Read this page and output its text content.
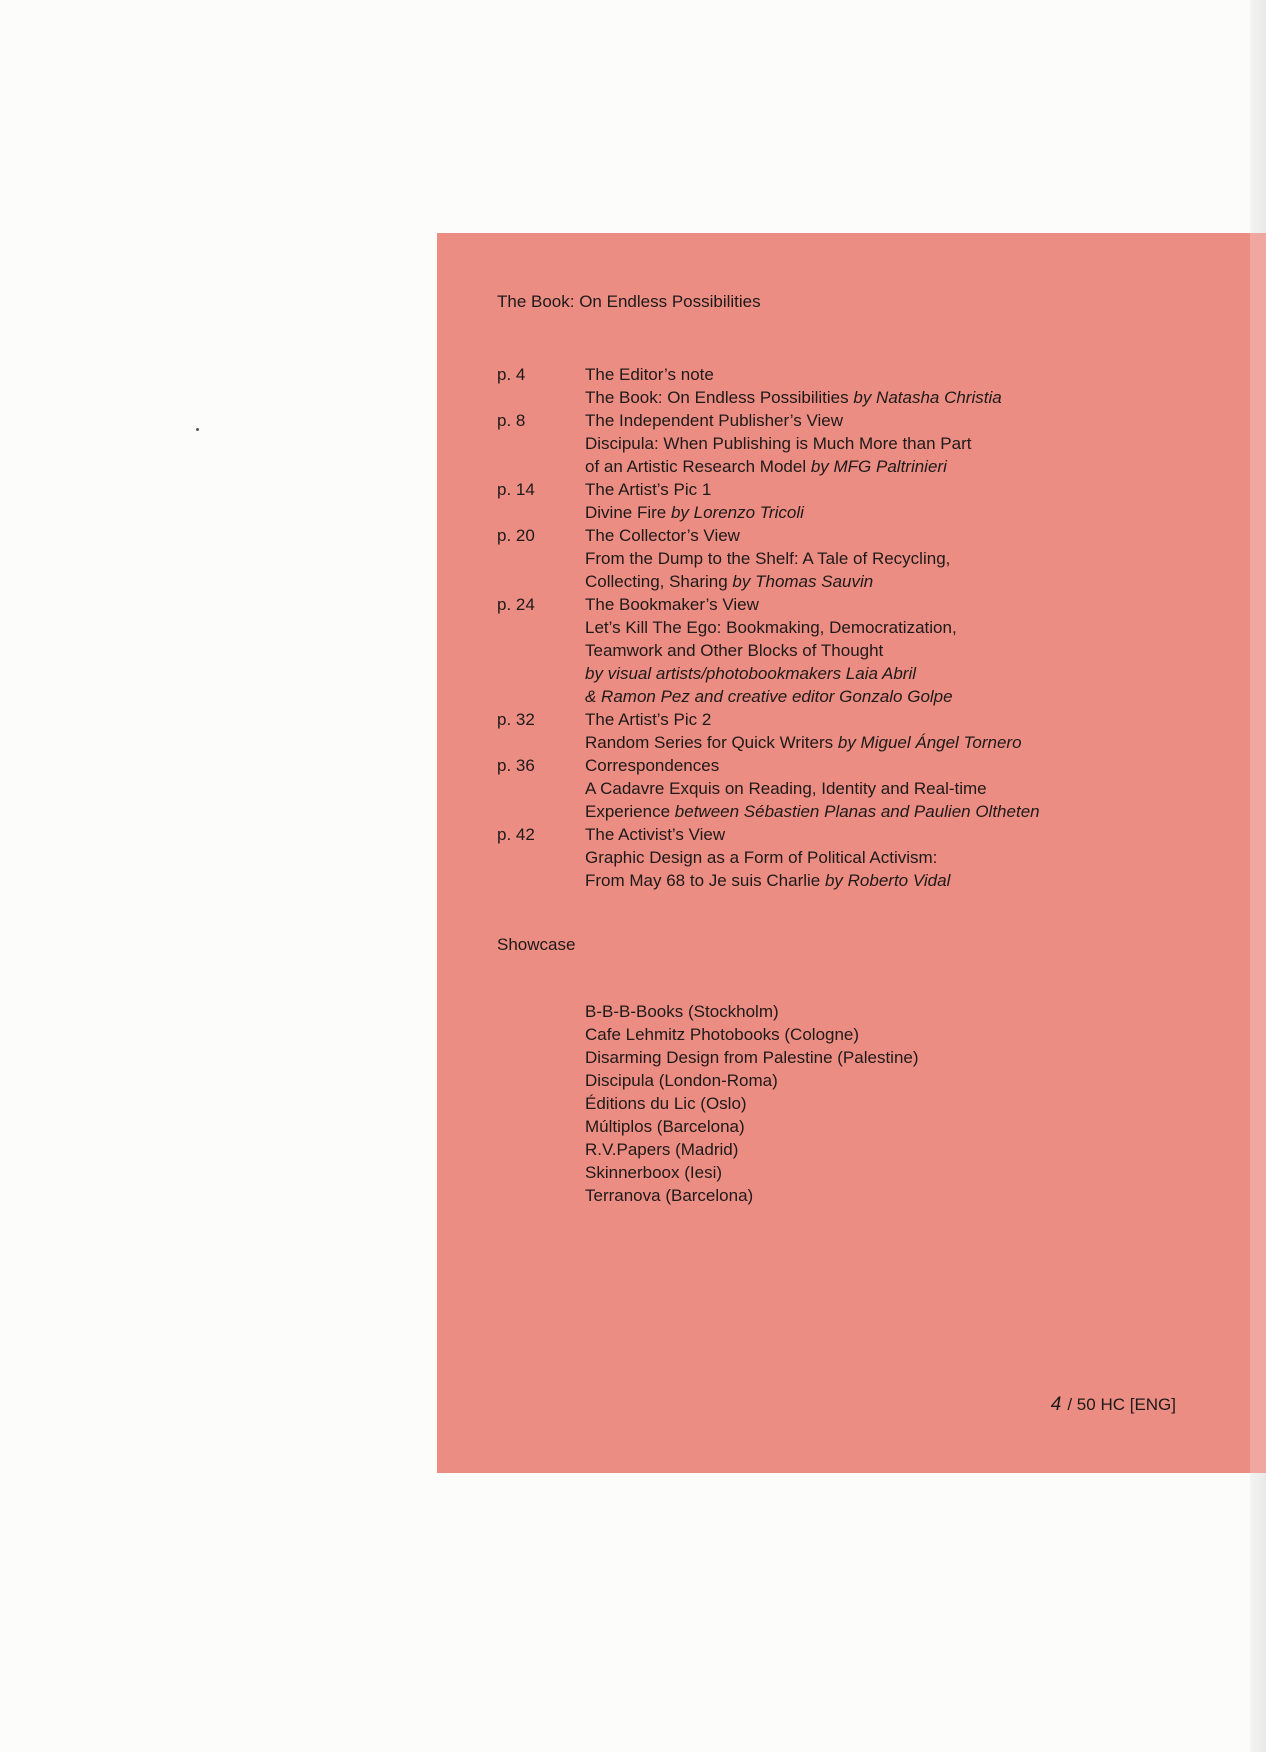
The Book: On Endless Possibilities
p. 4	The Editor’s note
The Book: On Endless Possibilities by Natasha Christia
p. 8	The Independent Publisher’s View
Discipula: When Publishing is Much More than Part
of an Artistic Research Model by MFG Paltrinieri
p. 14	The Artist’s Pic 1
Divine Fire by Lorenzo Tricoli
p. 20	The Collector’s View
From the Dump to the Shelf: A Tale of Recycling,
Collecting, Sharing by Thomas Sauvin
p. 24	The Bookmaker’s View
Let’s Kill The Ego: Bookmaking, Democratization,
Teamwork and Other Blocks of Thought
by visual artists/photobookmakers Laia Abril
& Ramon Pez and creative editor Gonzalo Golpe
p. 32	The Artist’s Pic 2
Random Series for Quick Writers by Miguel Ángel Tornero
p. 36	Correspondences
A Cadavre Exquis on Reading, Identity and Real-time
Experience between Sébastien Planas and Paulien Oltheten
p. 42	The Activist’s View
Graphic Design as a Form of Political Activism:
From May 68 to Je suis Charlie by Roberto Vidal
Showcase
B-B-B-Books (Stockholm)
Cafe Lehmitz Photobooks (Cologne)
Disarming Design from Palestine (Palestine)
Discipula (London-Roma)
Éditions du Lic (Oslo)
Múltiplos (Barcelona)
R.V.Papers (Madrid)
Skinnerboox (Iesi)
Terranova (Barcelona)
4 / 50 HC [ENG]
